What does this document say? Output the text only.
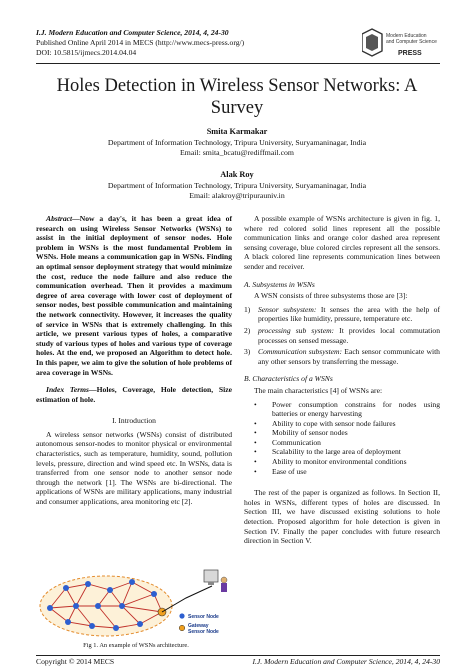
I.J. Modern Education and Computer Science, 2014, 4, 24-30
Published Online April 2014 in MECS (http://www.mecs-press.org/)
DOI: 10.5815/ijmecs.2014.04.04
Modern Education
and Computer Science
PRESS
Holes Detection in Wireless Sensor Networks: A
Survey
Smita Karmakar
Department of Information Technology, Tripura University, Suryamaninagar, India
Email: smita_bcatu@rediffmail.com
Alak Roy
Department of Information Technology, Tripura University, Suryamaninagar, India
Email: alakroy@tripurauniv.in

Abstract—Now a day's, it has been a great idea of research on using Wireless Sensor Networks (WSNs) to assist in the initial deployment of sensor nodes. Hole problem in WSNs is the most fundamental Problem in WSNs. Hole means a communication gap in WSNs. Finding an optimal sensor deployment strategy that would minimize the cost, reduce the node failure and also reduce the communication overhead. Then it provides a maximum degree of area coverage with lower cost of deployment of sensor nodes, best possible communication and maintaining the network connectivity. However, it increases the quality of service in WSNs that is extremely challenging. In this article, we present various types of holes, a comparative study of various types of holes and various type of coverage holes. At the end, we proposed an Algorithm to detect hole. In this paper, we aim to give the solution of hole problems of area coverage in WSNs.

Index Terms—Holes, Coverage, Hole detection, Size estimation of hole.

I. Introduction

A wireless sensor networks (WSNs) consist of distributed autonomous sensor-nodes to monitor physical or environmental characteristics, such as temperature, humidity, sound, pollution levels, pressure, direction and wind speed etc. In WSNs, data is transferred from one sensor node to another sensor node through the network [1]. The WSNs are bi-directional. The applications of WSNs are military applications, many industrial and consumer applications, area monitoring etc [2].

Sensor Node
Gateway
Sensor Node
Fig 1. An example of WSNs architecture.

A possible example of WSNs architecture is given in fig. 1, where red colored solid lines represent all the possible communication links and orange color dashed area represent sensing coverage, blue colored circles represent all the sensors. A black colored line represents communication lines between sender and receiver.

A. Subsystems in WSNs

A WSN consists of three subsystems those are [3]:

1)	Sensor subsystem: It senses the area with the help of properties like humidity, pressure, temperature etc.
2)	processing sub system: It provides local commutation processes on sensed message.
3)	Communication subsystem: Each sensor communicate with any other sensors by transferring the message.

B. Characteristics of a WSNs

The main characteristics [4] of WSNs are:

•	Power consumption constrains for nodes using batteries or energy harvesting
•	Ability to cope with sensor node failures
•	Mobility of sensor nodes
•	Communication
•	Scalability to the large area of deployment
•	Ability to monitor environmental conditions
•	Ease of use

The rest of the paper is organized as follows. In Section II, holes in WSNs, different types of holes are discussed. In Section III, we have discussed existing solutions to hole detection. Proposed algorithm for hole detection is given in Section IV. Finally the paper concludes with future research direction in Section V.

Copyright © 2014 MECS	I.J. Modern Education and Computer Science, 2014, 4, 24-30
